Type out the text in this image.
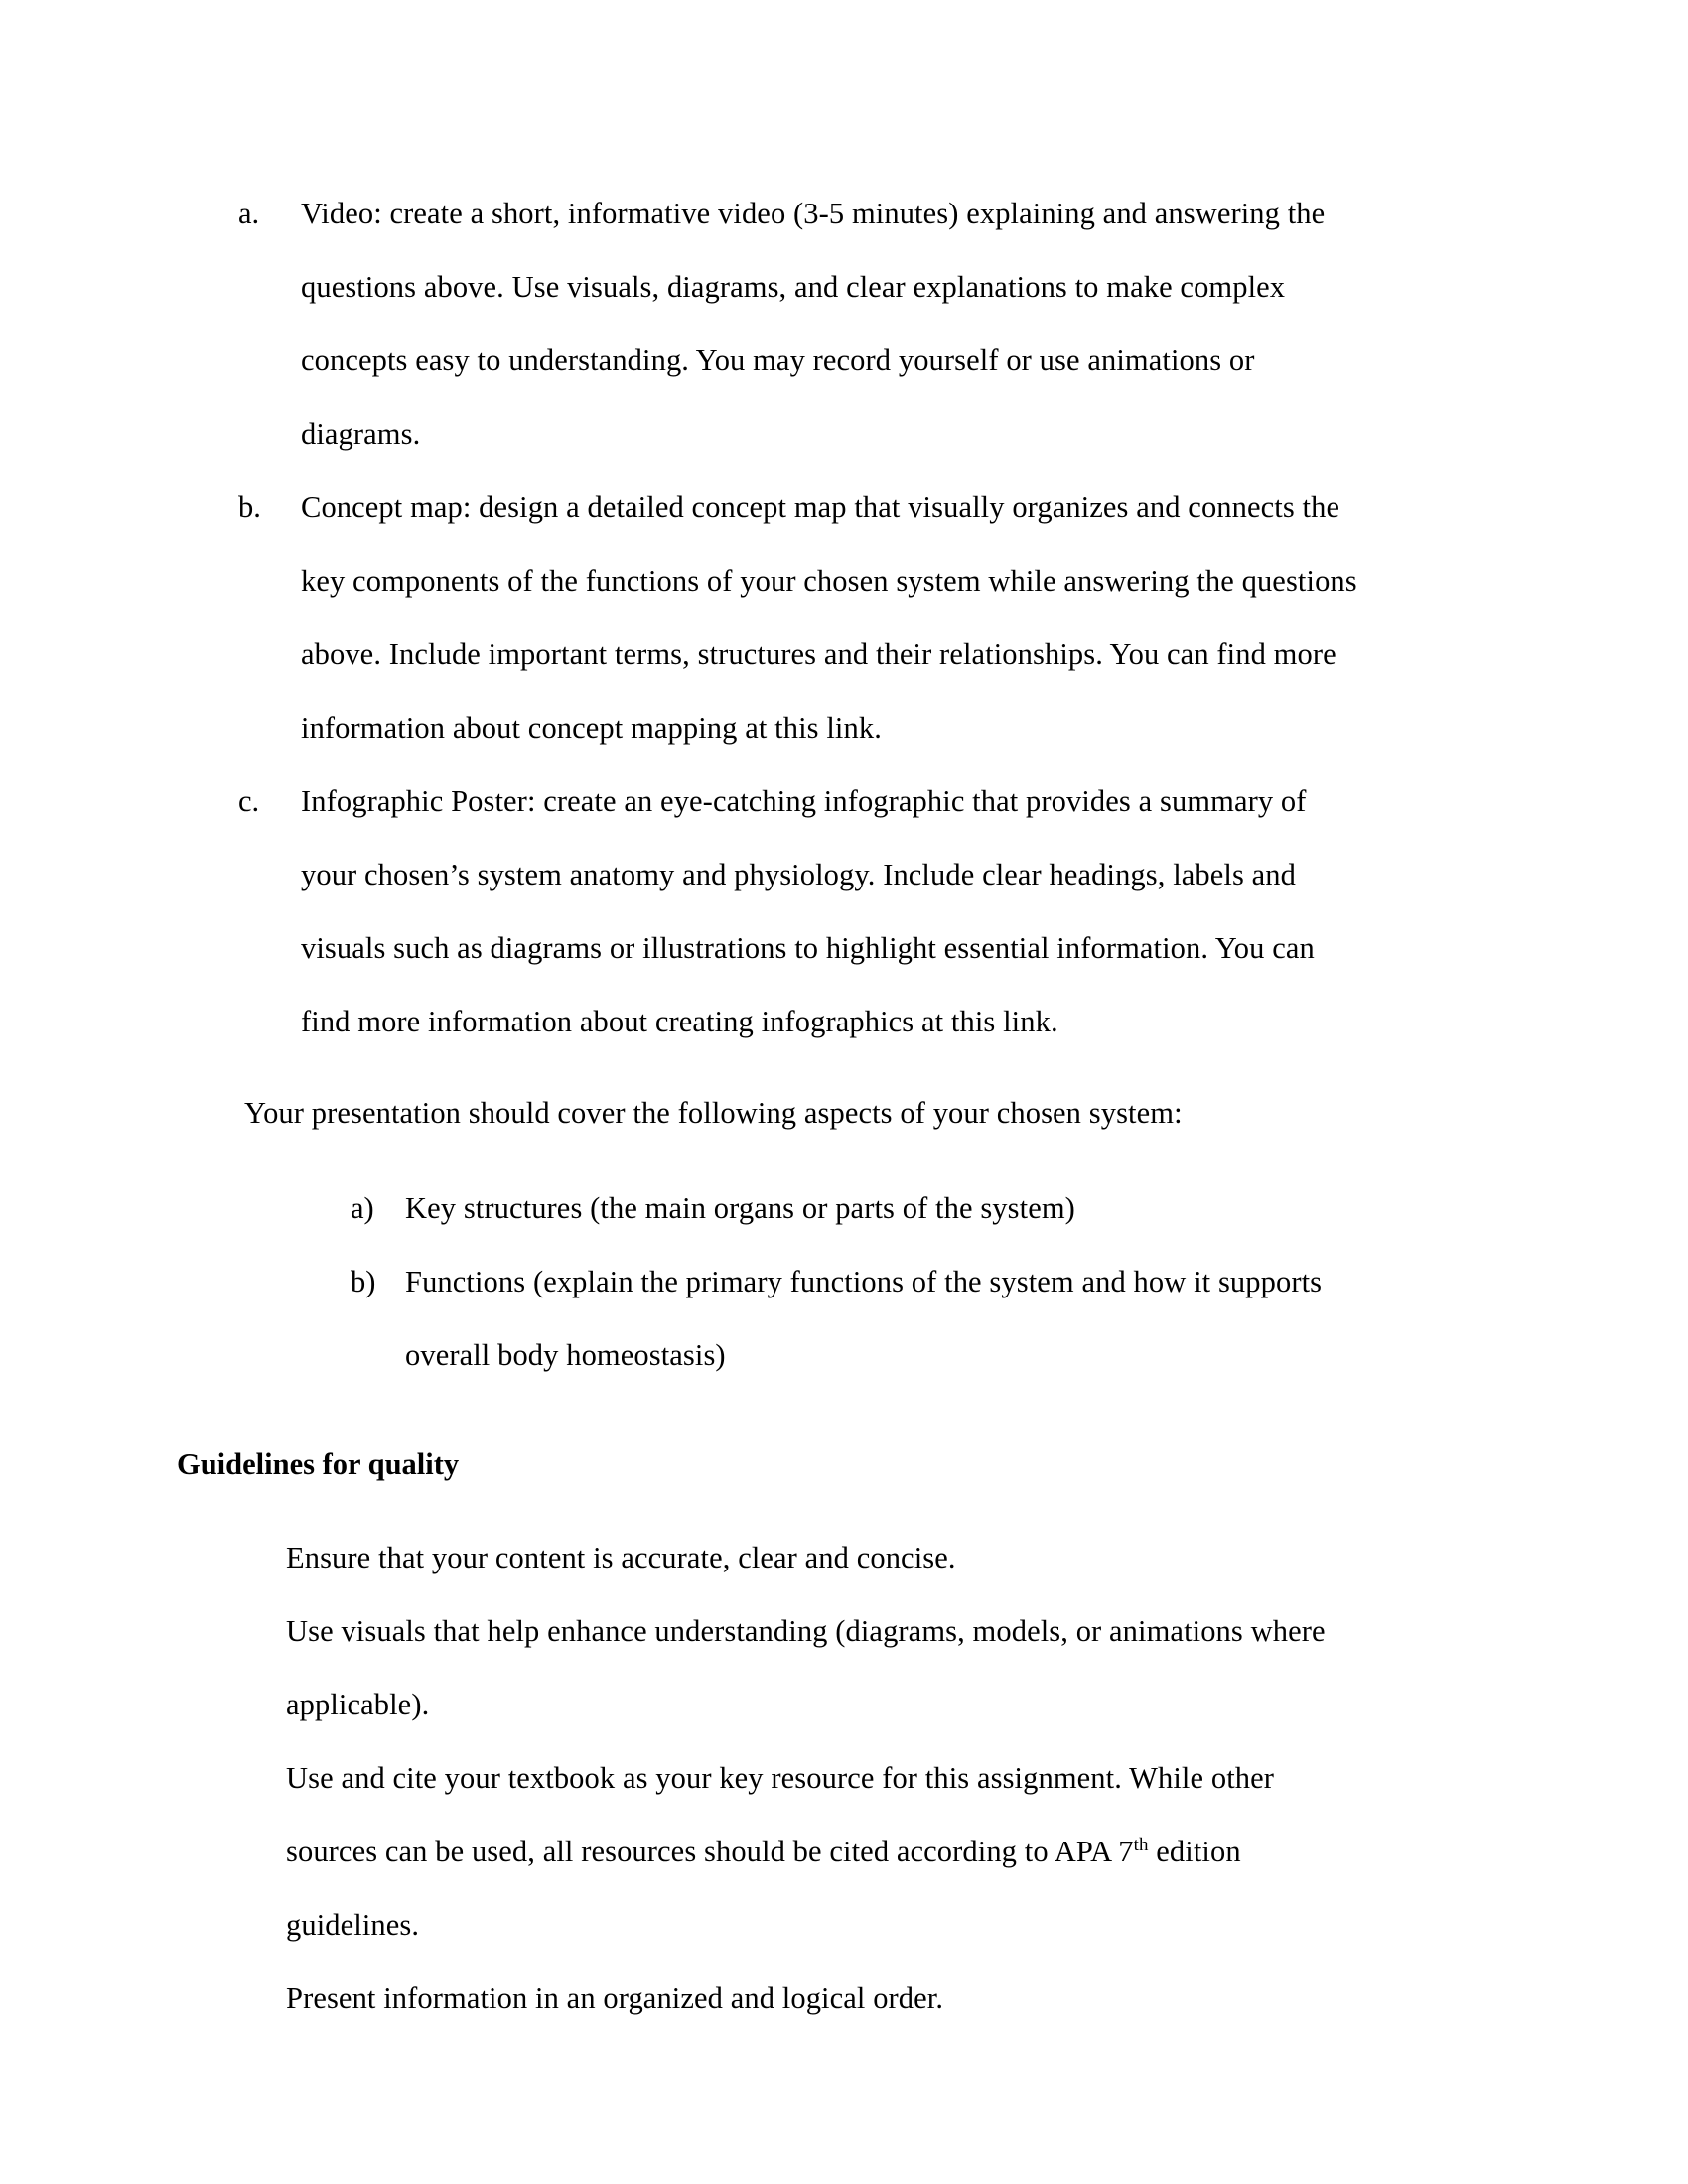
a.	Video: create a short, informative video (3-5 minutes) explaining and answering the questions above. Use visuals, diagrams, and clear explanations to make complex concepts easy to understanding. You may record yourself or use animations or diagrams.
b.	Concept map: design a detailed concept map that visually organizes and connects the key components of the functions of your chosen system while answering the questions above. Include important terms, structures and their relationships. You can find more information about concept mapping at this link.
c.	Infographic Poster: create an eye-catching infographic that provides a summary of your chosen’s system anatomy and physiology. Include clear headings, labels and visuals such as diagrams or illustrations to highlight essential information. You can find more information about creating infographics at this link.

Your presentation should cover the following aspects of your chosen system:

a)	Key structures (the main organs or parts of the system)
b) Functions (explain the primary functions of the system and how it supports overall body homeostasis)

Guidelines for quality

Ensure that your content is accurate, clear and concise.

Use visuals that help enhance understanding (diagrams, models, or animations where applicable).

Use and cite your textbook as your key resource for this assignment. While other sources can be used, all resources should be cited according to APA 7th edition guidelines.

Present information in an organized and logical order.
